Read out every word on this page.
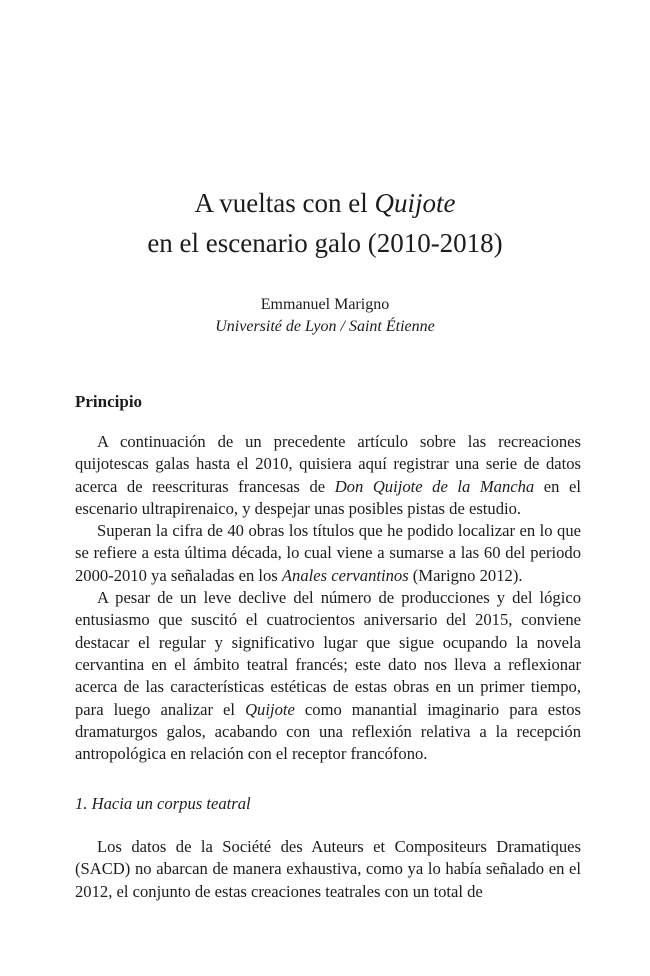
A vueltas con el Quijote
en el escenario galo (2010-2018)
Emmanuel Marigno
Université de Lyon / Saint Étienne
Principio

A continuación de un precedente artículo sobre las recreaciones quijotescas galas hasta el 2010, quisiera aquí registrar una serie de datos acerca de reescrituras francesas de Don Quijote de la Mancha en el escenario ultrapirenaico, y despejar unas posibles pistas de estudio.

Superan la cifra de 40 obras los títulos que he podido localizar en lo que se refiere a esta última década, lo cual viene a sumarse a las 60 del periodo 2000-2010 ya señaladas en los Anales cervantinos (Marigno 2012).

A pesar de un leve declive del número de producciones y del lógico entusiasmo que suscitó el cuatrocientos aniversario del 2015, conviene destacar el regular y significativo lugar que sigue ocupando la novela cervantina en el ámbito teatral francés; este dato nos lleva a reflexionar acerca de las características estéticas de estas obras en un primer tiempo, para luego analizar el Quijote como manantial imaginario para estos dramaturgos galos, acabando con una reflexión relativa a la recepción antropológica en relación con el receptor francófono.

1. Hacia un corpus teatral

Los datos de la Société des Auteurs et Compositeurs Dramatiques (SACD) no abarcan de manera exhaustiva, como ya lo había señalado en el 2012, el conjunto de estas creaciones teatrales con un total de
